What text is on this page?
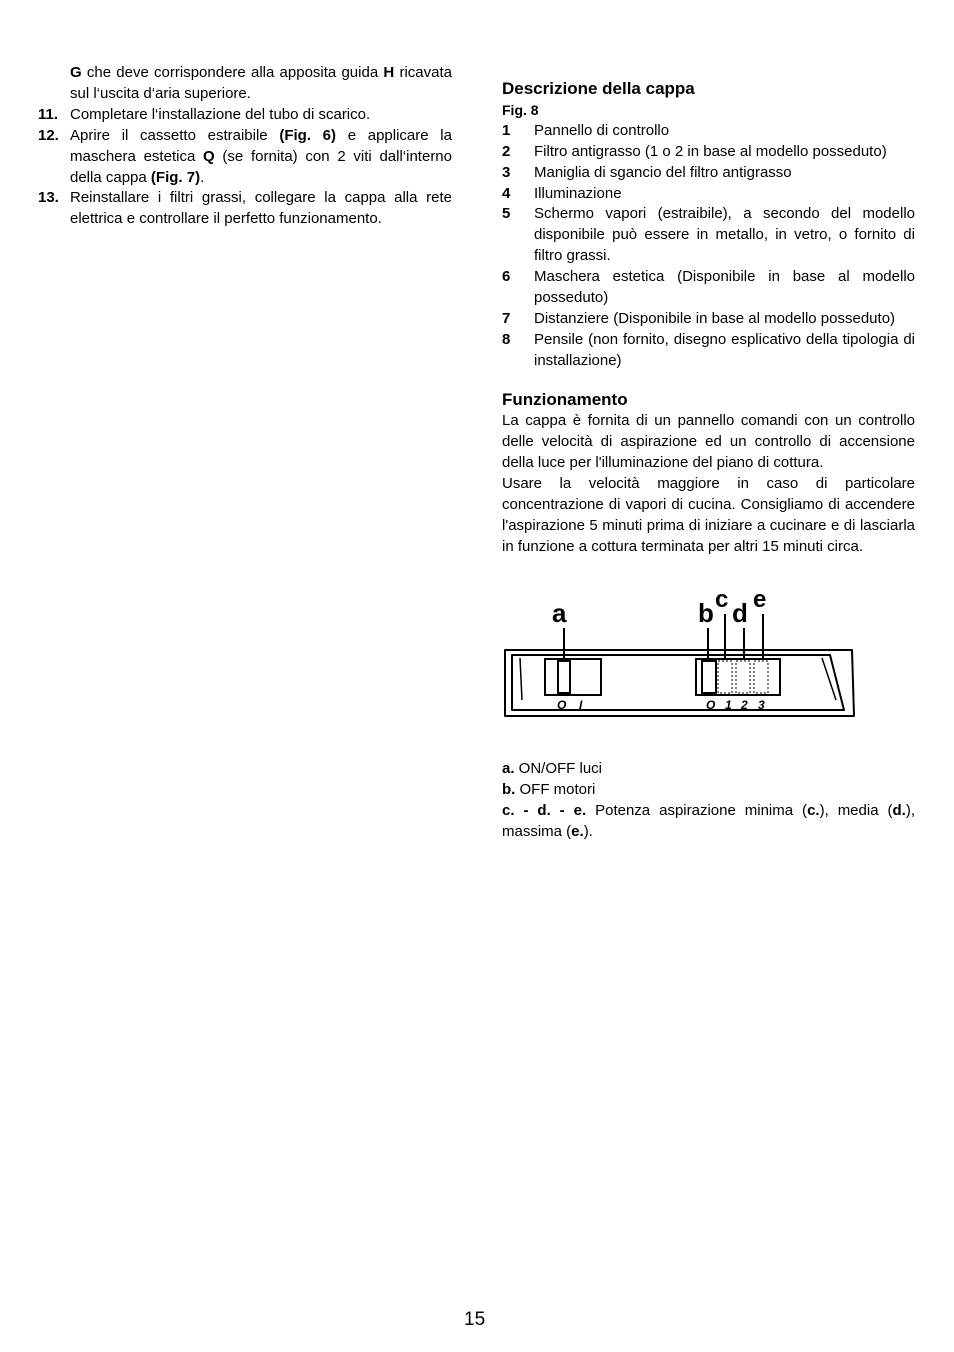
G che deve corrispondere alla apposita guida H ricavata sul l‘uscita d‘aria superiore.
11. Completare l‘installazione del tubo di scarico.
12. Aprire il cassetto estraibile (Fig. 6) e applicare la maschera estetica Q (se fornita) con 2 viti dall‘interno della cappa (Fig. 7).
13. Reinstallare i filtri grassi, collegare la cappa alla rete elettrica e controllare il perfetto funzionamento.
Descrizione della cappa
Fig. 8
1 Pannello di controllo
2 Filtro antigrasso (1 o 2 in base al modello posseduto)
3 Maniglia di sgancio del filtro antigrasso
4 Illuminazione
5 Schermo vapori (estraibile), a secondo del modello disponibile può essere in metallo, in vetro, o fornito di filtro grassi.
6 Maschera estetica (Disponibile in base al modello posseduto)
7 Distanziere (Disponibile in base al modello posseduto)
8 Pensile (non fornito, disegno esplicativo della tipologia di installazione)
Funzionamento
La cappa è fornita di un pannello comandi con un controllo delle velocità di aspirazione ed un controllo di accensione della luce per l'illuminazione del piano di cottura.
Usare la velocità maggiore in caso di particolare concentrazione di vapori di cucina. Consigliamo di accendere l'aspirazione 5 minuti prima di iniziare a cucinare e di lasciarla in funzione a cottura terminata per altri 15 minuti circa.
a	b c d e
O I	O 1 2 3
a. ON/OFF luci
b. OFF motori
c. - d. - e. Potenza aspirazione minima (c.), media (d.), massima (e.).
15
